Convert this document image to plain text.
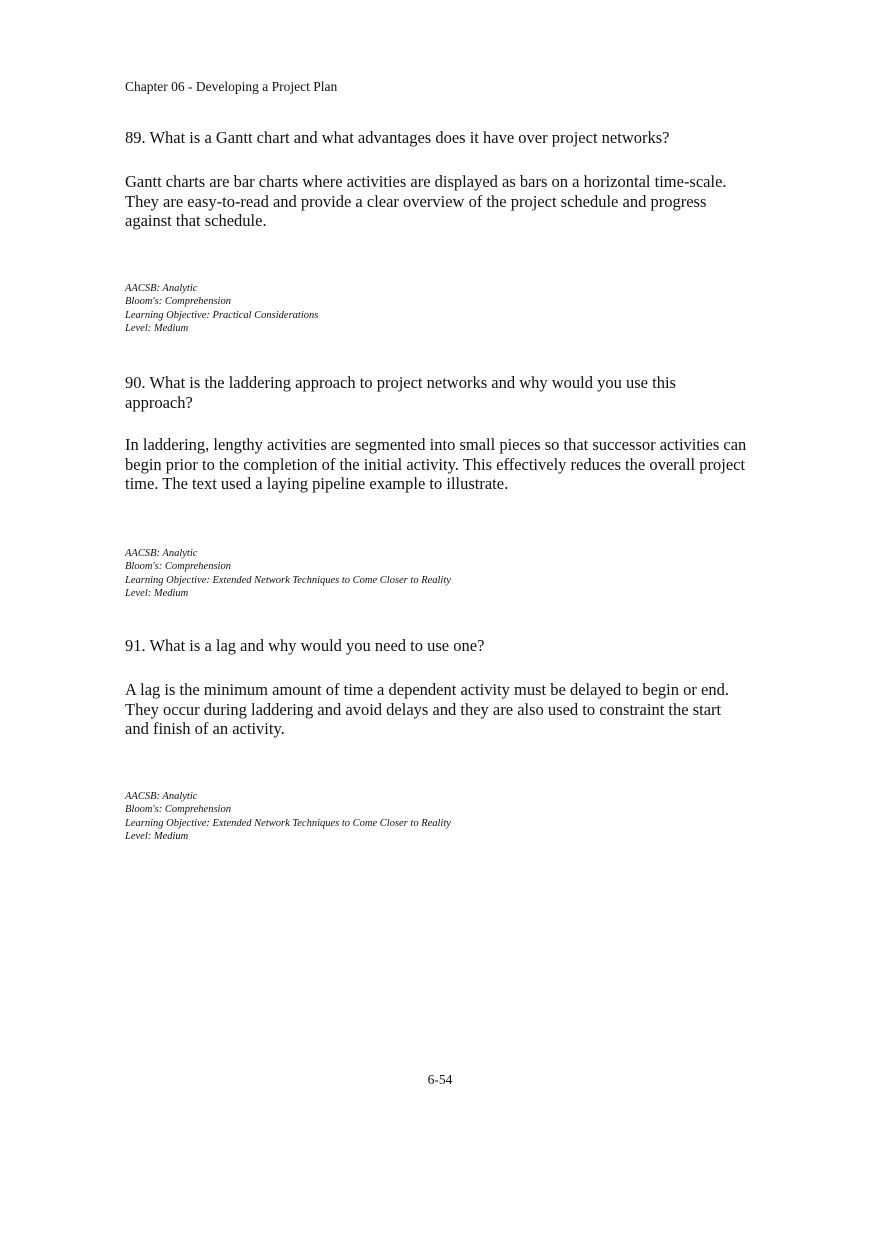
Chapter 06 - Developing a Project Plan
89. What is a Gantt chart and what advantages does it have over project networks?
Gantt charts are bar charts where activities are displayed as bars on a horizontal time-scale.
They are easy-to-read and provide a clear overview of the project schedule and progress
against that schedule.
AACSB: Analytic
Bloom's: Comprehension
Learning Objective: Practical Considerations
Level: Medium
90. What is the laddering approach to project networks and why would you use this
approach?
In laddering, lengthy activities are segmented into small pieces so that successor activities can
begin prior to the completion of the initial activity. This effectively reduces the overall project
time. The text used a laying pipeline example to illustrate.
AACSB: Analytic
Bloom's: Comprehension
Learning Objective: Extended Network Techniques to Come Closer to Reality
Level: Medium
91. What is a lag and why would you need to use one?
A lag is the minimum amount of time a dependent activity must be delayed to begin or end.
They occur during laddering and avoid delays and they are also used to constraint the start
and finish of an activity.
AACSB: Analytic
Bloom's: Comprehension
Learning Objective: Extended Network Techniques to Come Closer to Reality
Level: Medium
6-54
